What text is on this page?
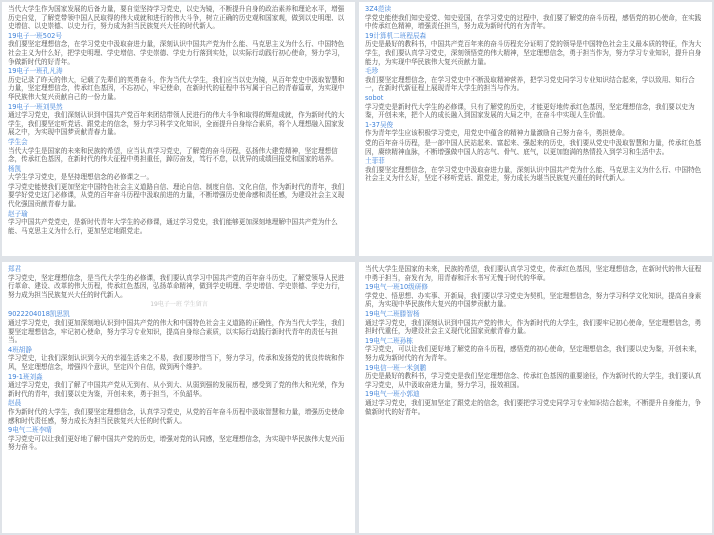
当代大学生作为国家发展的后备力量，要自觉坚持学习党史，以史为镜，不断提升自身的政治素养和理论水平，增强历史自觉，了解党带领中国人民取得的伟大成就和进行的伟大斗争，树立正确的历史观和国家观，做到以史明理、以史增信、以史崇德、以史力行，努力成为担当民族复兴大任的时代新人。
19电子一班502号
我们要坚定理想信念，在学习党史中汲取奋进力量，深刻认识中国共产党为什么能、马克思主义为什么行、中国特色社会主义为什么好，把学史明理、学史增信、学史崇德、学史力行落到实处，以实际行动践行初心使命，努力学习，争做新时代的好青年。
19电子一班孔凡涛
历史记录了昨天的伟大，记载了先辈们的英勇奋斗，作为当代大学生，我们应当以史为镜，从百年党史中汲取智慧和力量，坚定理想信念，传承红色基因，不忘初心，牢记使命，在新时代的征程中书写属于自己的青春篇章，为实现中华民族伟大复兴贡献自己的一份力量。
19电子一班刘昊然
通过学习党史，我们深刻认识到中国共产党百年来团结带领人民进行的伟大斗争和取得的辉煌成就，作为新时代的大学生，我们要坚定听党话、跟党走的信念，努力学习科学文化知识，全面提升自身综合素质，将个人理想融入国家发展之中，为实现中国梦贡献青春力量。
学生会
当代大学生是国家的未来和民族的希望，应当认真学习党史，了解党的奋斗历程，弘扬伟大建党精神，坚定理想信念，传承红色基因，在新时代的伟大征程中勇担重任，踔厉奋发，笃行不怠，以优异的成绩回报党和国家的培养。
杨凯
大学生学习党史，是坚持理想信念的必修课之一。
学习党史能使我们更加坚定中国特色社会主义道路自信、理论自信、制度自信、文化自信，作为新时代的青年，我们要学好党史这门必修课，从党的百年奋斗历程中汲取前进的力量，不断增强历史使命感和责任感，为建设社会主义现代化强国贡献青春力量。
赵子瑜
学习中国共产党党史，是新时代青年大学生的必修课，通过学习党史，我们能够更加深刻地理解中国共产党为什么能、马克思主义为什么行，更加坚定地跟党走。
3Z4范读
学党史能使我们知史爱党、知史爱国，在学习党史的过程中，我们要了解党的奋斗历程，感悟党的初心使命，在实践中传承红色精神，增强责任担当，努力成为新时代的有为青年。
19计算机二班程辰森
历史是最好的教科书，中国共产党百年来的奋斗历程充分证明了党的领导是中国特色社会主义最本质的特征，作为大学生，我们要认真学习党史，深刻领悟党的伟大精神，坚定理想信念，勇于担当作为，努力学习专业知识，提升自身能力，为实现中华民族伟大复兴贡献力量。
毛珍
我们要坚定理想信念，在学习党史中不断汲取精神营养，把学习党史同学习专业知识结合起来，学以致用、知行合一，在新时代新征程上展现青年大学生的担当与作为。
sobot
学习党史是新时代大学生的必修课，只有了解党的历史，才能更好地传承红色基因，坚定理想信念，我们要以史为鉴，开创未来，把个人的成长融入到国家发展的大局之中，在奋斗中实现人生价值。
1-37吴俊
作为青年学生应该积极学习党史，用党史中蕴含的精神力量激励自己努力奋斗，勇担使命。
党的百年奋斗历程，是一部中国人民站起来、富起来、强起来的历史，我们要从党史中汲取智慧和力量，传承红色基因，赓续精神血脉，不断增强做中国人的志气、骨气、底气，以更加饱满的热情投入到学习和生活中去。
土菲菲
我们要坚定理想信念，在学习党史中汲取奋进力量，深刻认识中国共产党为什么能、马克思主义为什么行、中国特色社会主义为什么好，坚定不移听党话、跟党走，努力成长为堪当民族复兴重任的时代新人。
郑君
学习党史，坚定理想信念，是当代大学生的必修课，我们要认真学习中国共产党的百年奋斗历史，了解党领导人民进行革命、建设、改革的伟大历程，传承红色基因，弘扬革命精神，做到学史明理、学史增信、学史崇德、学史力行，努力成为担当民族复兴大任的时代新人。
19电子一班 学生留言
9022204018凯思凯
通过学习党史，我们更加深刻地认识到中国共产党的伟大和中国特色社会主义道路的正确性，作为当代大学生，我们要坚定理想信念，牢记初心使命，努力学习专业知识，提高自身综合素质，以实际行动践行新时代青年的责任与担当。
4班胡静
学习党史，让我们深刻认识到今天的幸福生活来之不易，我们要珍惜当下，努力学习，传承和发扬党的优良传统和作风，坚定理想信念，增强四个意识，坚定四个自信，做到两个维护。
19-1班刘淼
通过学习党史，我们了解了中国共产党从无到有、从小到大、从弱到强的发展历程，感受到了党的伟大和光荣，作为新时代的青年，我们要以史为鉴，开创未来，勇于担当，不负韶华。
赵晨
作为新时代的大学生，我们要坚定理想信念，认真学习党史，从党的百年奋斗历程中汲取智慧和力量，增强历史使命感和时代责任感，努力成长为担当民族复兴大任的时代新人。
9电气二班李晴
学习党史可以让我们更好地了解中国共产党的历史，增强对党的认同感，坚定理想信念，为实现中华民族伟大复兴而努力奋斗。
当代大学生是国家的未来，民族的希望，我们要认真学习党史，传承红色基因，坚定理想信念，在新时代的伟大征程中勇于担当，奋发有为，用青春和汗水书写无愧于时代的华章。
19电气一班10级研修
学党史、悟思想、办实事、开新局，我们要以学习党史为契机，坚定理想信念，努力学习科学文化知识，提高自身素质，为实现中华民族伟大复兴的中国梦贡献力量。
19电气二班滕智杨
通过学习党史，我们深刻认识到中国共产党的伟大，作为新时代的大学生，我们要牢记初心使命，坚定理想信念，勇担时代重任，为建设社会主义现代化国家贡献青春力量。
19电气二班孙栋
学习党史，可以让我们更好地了解党的奋斗历程，感悟党的初心使命，坚定理想信念，我们要以史为鉴，开创未来，努力成为新时代的有为青年。
19电信一班一米剑鹏
历史是最好的教科书，学习党史是我们坚定理想信念、传承红色基因的重要途径，作为新时代的大学生，我们要认真学习党史，从中汲取奋进力量，努力学习，报效祖国。
19电气一班小郭迪
通过学习党史，我们更加坚定了跟党走的信念，我们要把学习党史同学习专业知识结合起来，不断提升自身能力，争做新时代的好青年。
